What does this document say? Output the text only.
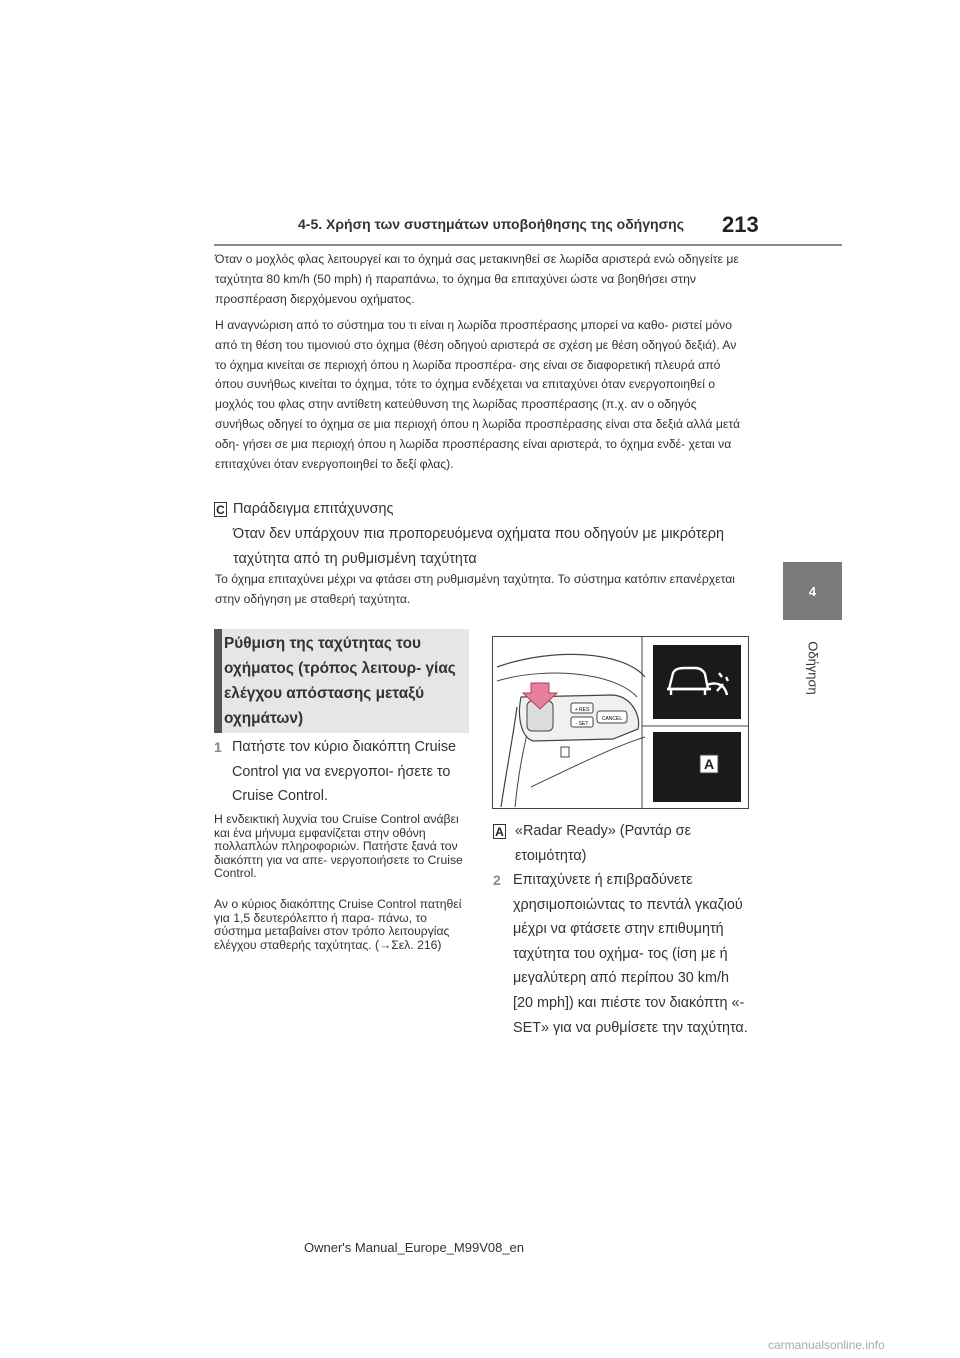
4-5. Χρήση των συστημάτων υποβοήθησης της οδήγησης 213
4
Οδήγηση

Όταν ο μοχλός φλας λειτουργεί και το όχημά σας μετακινηθεί σε λωρίδα αριστερά ενώ οδηγείτε με ταχύτητα 80 km/h (50 mph) ή παραπάνω, το όχημα θα επιταχύνει ώστε να βοηθήσει στην προσπέραση διερχόμενου οχήματος.

Η αναγνώριση από το σύστημα του τι είναι η λωρίδα προσπέρασης μπορεί να καθο- ριστεί μόνο από τη θέση του τιμονιού στο όχημα (θέση οδηγού αριστερά σε σχέση με θέση οδηγού δεξιά). Αν το όχημα κινείται σε περιοχή όπου η λωρίδα προσπέρα- σης είναι σε διαφορετική πλευρά από όπου συνήθως κινείται το όχημα, τότε το όχημα ενδέχεται να επιταχύνει όταν ενεργοποιηθεί ο μοχλός του φλας στην αντίθετη κατεύθυνση της λωρίδας προσπέρασης (π.χ. αν ο οδηγός συνήθως οδηγεί το όχημα σε μια περιοχή όπου η λωρίδα προσπέρασης είναι στα δεξιά αλλά μετά οδη- γήσει σε μια περιοχή όπου η λωρίδα προσπέρασης είναι αριστερά, το όχημα ενδέ- χεται να επιταχύνει όταν ενεργοποιηθεί το δεξί φλας).

C Παράδειγμα επιτάχυνσης

Όταν δεν υπάρχουν πια προπορευόμενα οχήματα που οδηγούν με μικρότερη ταχύτητα από τη ρυθμισμένη ταχύτητα

Το όχημα επιταχύνει μέχρι να φτάσει στη ρυθμισμένη ταχύτητα. Το σύστημα κατόπιν επανέρχεται στην οδήγηση με σταθερή ταχύτητα.

Ρύθμιση της ταχύτητας του οχήματος (τρόπος λειτουρ- γίας ελέγχου απόστασης μεταξύ οχημάτων)

1 Πατήστε τον κύριο διακόπτη Cruise Control για να ενεργοποι- ήσετε το Cruise Control.

Η ενδεικτική λυχνία του Cruise Control ανάβει και ένα μήνυμα εμφανίζεται στην οθόνη πολλαπλών πληροφοριών. Πατήστε ξανά τον διακόπτη για να απε- νεργοποιήσετε το Cruise Control.

Αν ο κύριος διακόπτης Cruise Control πατηθεί για 1,5 δευτερόλεπτο ή παρα- πάνω, το σύστημα μεταβαίνει στον τρόπο λειτουργίας ελέγχου σταθερής ταχύτητας. (→Σελ. 216)

+ RES
- SET
CANCEL
A
A «Radar Ready» (Ραντάρ σε ετοιμότητα)

2 Επιταχύνετε ή επιβραδύνετε χρησιμοποιώντας το πεντάλ γκαζιού μέχρι να φτάσετε στην επιθυμητή ταχύτητα του οχήμα- τος (ίση με ή μεγαλύτερη από περίπου 30 km/h [20 mph]) και πιέστε τον διακόπτη «-SET» για να ρυθμίσετε την ταχύτητα.

Owner's Manual_Europe_M99V08_en
carmanualsonline.info
